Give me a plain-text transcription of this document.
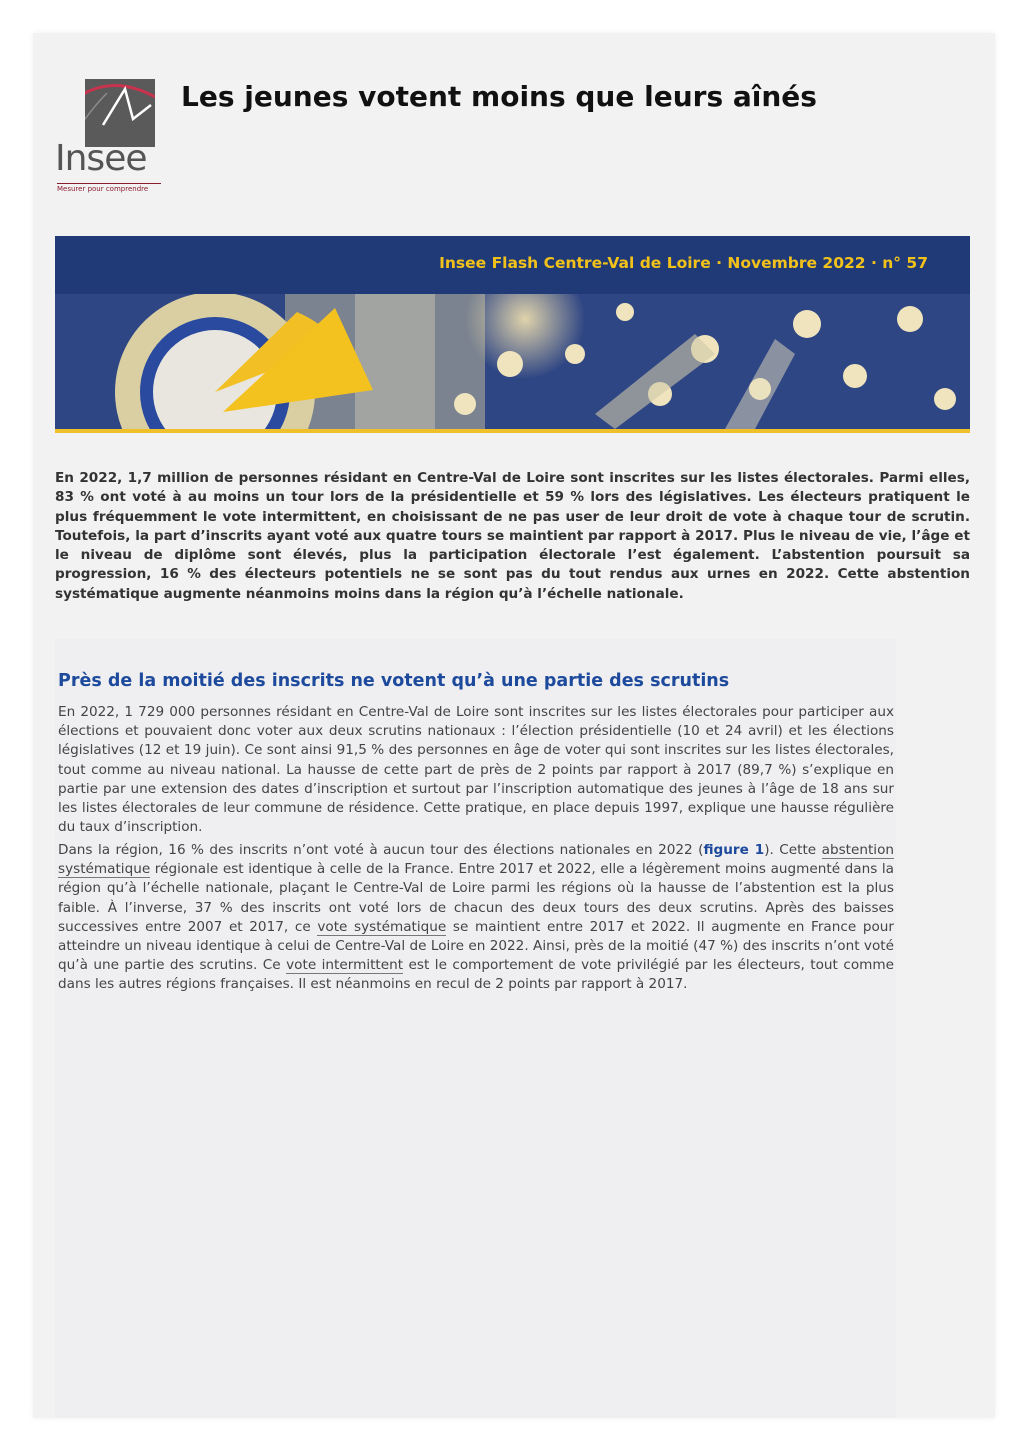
Insee
Mesurer pour comprendre
Les jeunes votent moins que leurs aînés
Insee Flash Centre-Val de Loire · Novembre 2022 · n° 57

En 2022, 1,7 million de personnes résidant en Centre-Val de Loire sont inscrites sur les listes électorales. Parmi elles, 83 % ont voté à au moins un tour lors de la présidentielle et 59 % lors des législatives. Les électeurs pratiquent le plus fréquemment le vote intermittent, en choisissant de ne pas user de leur droit de vote à chaque tour de scrutin. Toutefois, la part d’inscrits ayant voté aux quatre tours se maintient par rapport à 2017. Plus le niveau de vie, l’âge et le niveau de diplôme sont élevés, plus la participation électorale l’est également. L’abstention poursuit sa progression, 16 % des électeurs potentiels ne se sont pas du tout rendus aux urnes en 2022. Cette abstention systématique augmente néanmoins moins dans la région qu’à l’échelle nationale.

Près de la moitié des inscrits ne votent qu’à une partie des scrutins

En 2022, 1 729 000 personnes résidant en Centre-Val de Loire sont inscrites sur les listes électorales pour participer aux élections et pouvaient donc voter aux deux scrutins nationaux : l’élection présidentielle (10 et 24 avril) et les élections législatives (12 et 19 juin). Ce sont ainsi 91,5 % des personnes en âge de voter qui sont inscrites sur les listes électorales, tout comme au niveau national. La hausse de cette part de près de 2 points par rapport à 2017 (89,7 %) s’explique en partie par une extension des dates d’inscription et surtout par l’inscription automatique des jeunes à l’âge de 18 ans sur les listes électorales de leur commune de résidence. Cette pratique, en place depuis 1997, explique une hausse régulière du taux d’inscription.

Dans la région, 16 % des inscrits n’ont voté à aucun tour des élections nationales en 2022 (figure 1). Cette abstention systématique régionale est identique à celle de la France. Entre 2017 et 2022, elle a légèrement moins augmenté dans la région qu’à l’échelle nationale, plaçant le Centre-Val de Loire parmi les régions où la hausse de l’abstention est la plus faible. À l’inverse, 37 % des inscrits ont voté lors de chacun des deux tours des deux scrutins. Après des baisses successives entre 2007 et 2017, ce vote systématique se maintient entre 2017 et 2022. Il augmente en France pour atteindre un niveau identique à celui de Centre-Val de Loire en 2022. Ainsi, près de la moitié (47 %) des inscrits n’ont voté qu’à une partie des scrutins. Ce vote intermittent est le comportement de vote privilégié par les électeurs, tout comme dans les autres régions françaises. Il est néanmoins en recul de 2 points par rapport à 2017.
